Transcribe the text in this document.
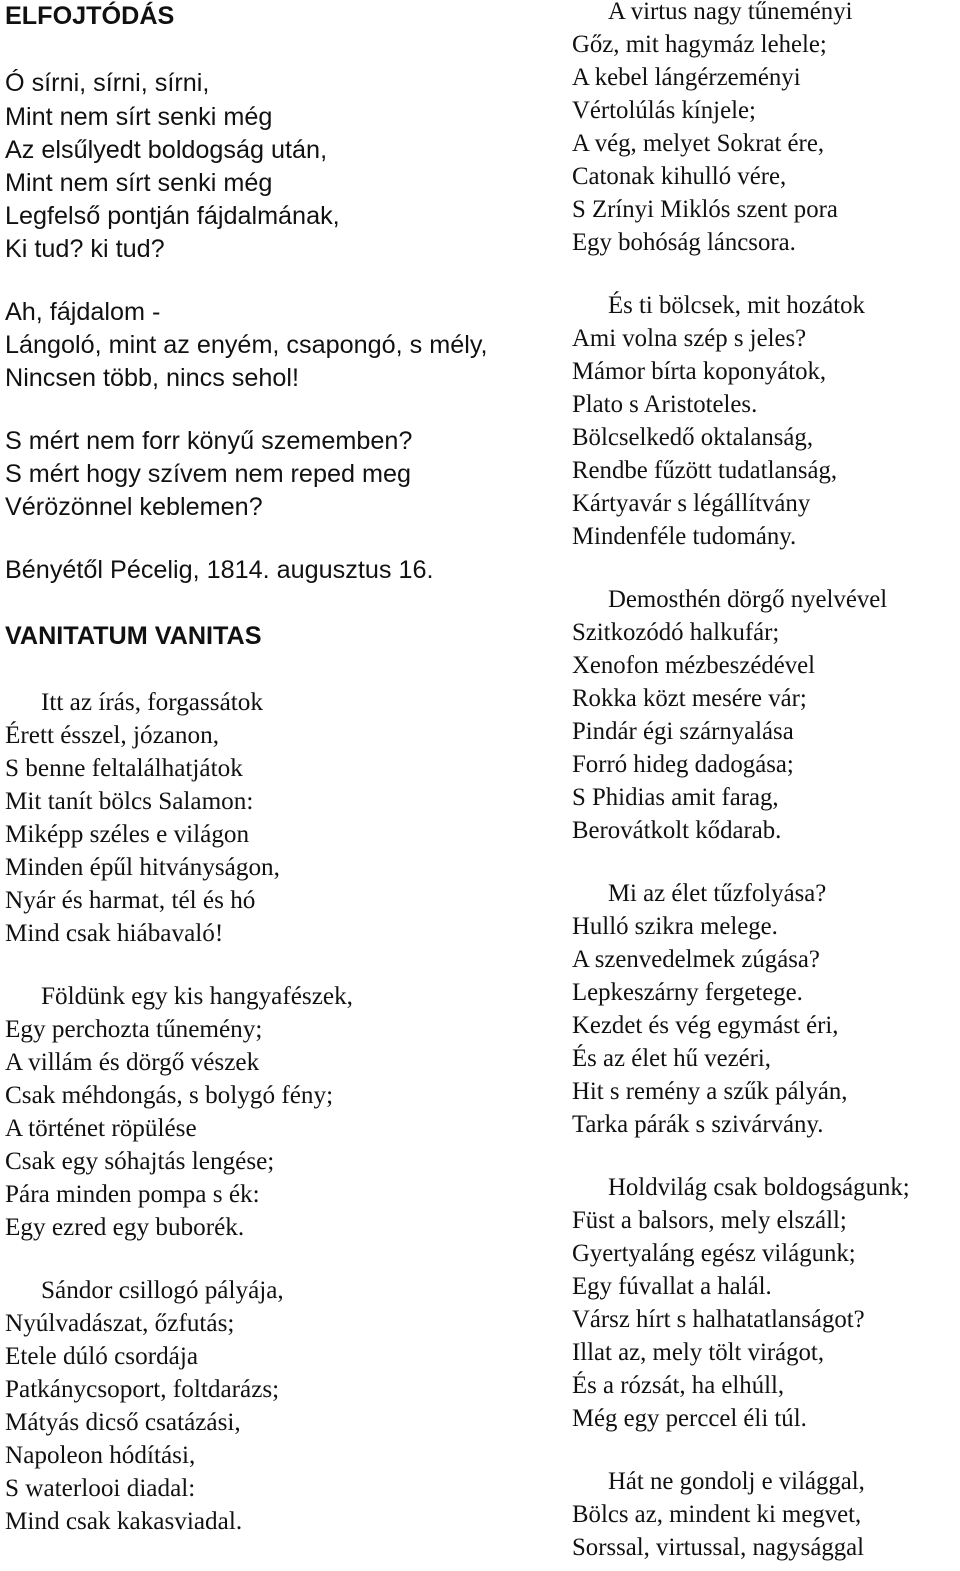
ELFOJTÓDÁS
Ó sírni, sírni, sírni,
Mint nem sírt senki még
Az elsűlyedt boldogság után,
Mint nem sírt senki még
Legfelső pontján fájdalmának,
Ki tud? ki tud?
Ah, fájdalom -
Lángoló, mint az enyém, csapongó, s mély,
Nincsen több, nincs sehol!
S mért nem forr könyű szememben?
S mért hogy szívem nem reped meg
Vérözönnel keblemen?
Bényétől Pécelig, 1814. augusztus 16.
VANITATUM VANITAS
Itt az írás, forgassátok
Érett ésszel, józanon,
S benne feltalálhatjátok
Mit tanít bölcs Salamon:
Miképp széles e világon
Minden épűl hitványságon,
Nyár és harmat, tél és hó
Mind csak hiábavaló!
Földünk egy kis hangyafészek,
Egy perchozta tűnemény;
A villám és dörgő vészek
Csak méhdongás, s bolygó fény;
A történet röpülése
Csak egy sóhajtás lengése;
Pára minden pompa s ék:
Egy ezred egy buborék.
Sándor csillogó pályája,
Nyúlvadászat, őzfutás;
Etele dúló csordája
Patkánycsoport, foltdarázs;
Mátyás dicső csatázási,
Napoleon hódítási,
S waterlooi diadal:
Mind csak kakasviadal.
A virtus nagy tűneményi
Gőz, mit hagymáz lehele;
A kebel lángérzeményi
Vértolúlás kínjele;
A vég, melyet Sokrat ére,
Catonak kihulló vére,
S Zrínyi Miklós szent pora
Egy bohóság láncsora.
És ti bölcsek, mit hozátok
Ami volna szép s jeles?
Mámor bírta koponyátok,
Plato s Aristoteles.
Bölcselkedő oktalanság,
Rendbe fűzött tudatlanság,
Kártyavár s légállítvány
Mindenféle tudomány.
Demosthén dörgő nyelvével
Szitkozódó halkufár;
Xenofon mézbeszédével
Rokka közt mesére vár;
Pindár égi szárnyalása
Forró hideg dadogása;
S Phidias amit farag,
Berovátkolt kődarab.
Mi az élet tűzfolyása?
Hulló szikra melege.
A szenvedelmek zúgása?
Lepkeszárny fergetege.
Kezdet és vég egymást éri,
És az élet hű vezéri,
Hit s remény a szűk pályán,
Tarka párák s szivárvány.
Holdvilág csak boldogságunk;
Füst a balsors, mely elszáll;
Gyertyaláng egész világunk;
Egy fúvallat a halál.
Vársz hírt s halhatatlanságot?
Illat az, mely tölt virágot,
És a rózsát, ha elhúll,
Még egy perccel éli túl.
Hát ne gondolj e világgal,
Bölcs az, mindent ki megvet,
Sorssal, virtussal, nagysággal
